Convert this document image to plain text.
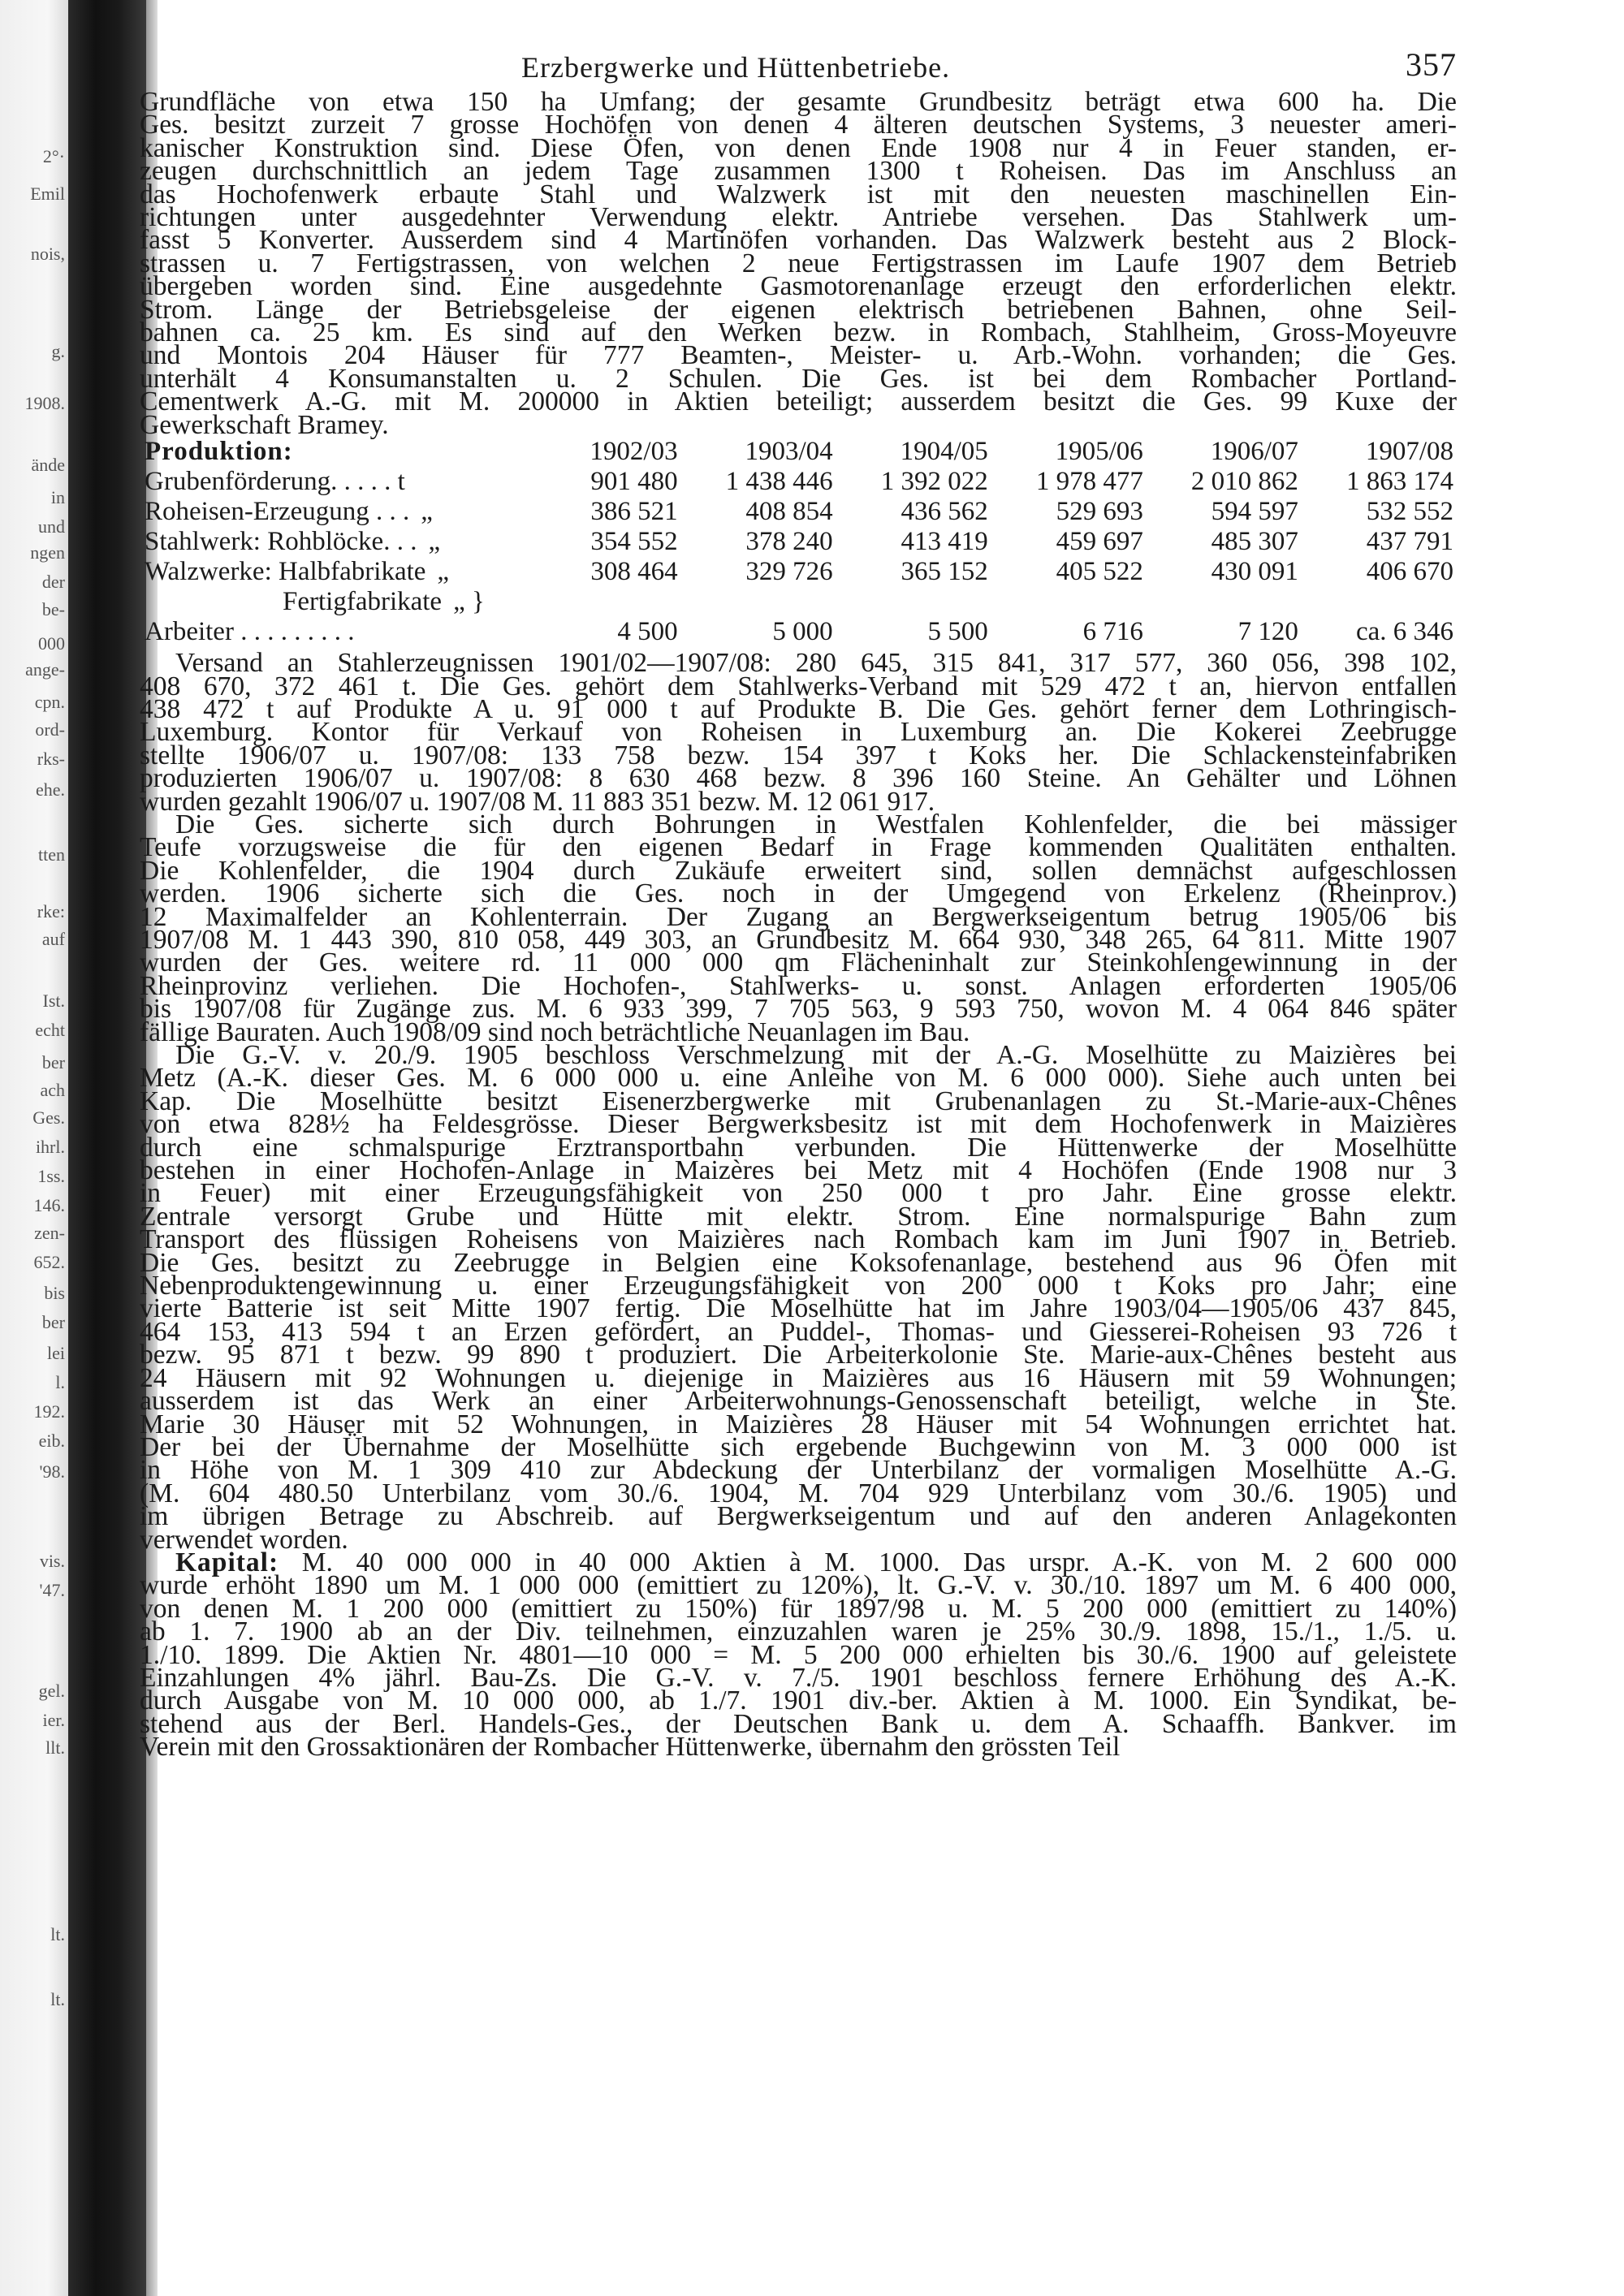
2°·
Emil
nois,
g.
1908.
ände
in
und
ngen
der
be-
000
ange-
cpn.
ord-
rks-
ehe.
tten
rke:
auf
Ist.
echt
ber
ach
Ges.
ihrl.
1ss.
146.
zen-
652.
bis
ber
lei
l.
192.
eib.
'98.
vis.
'47.
gel.
ier.
llt.
lt.
lt.
Erzbergwerke und Hüttenbetriebe.	357
Grundfläche von etwa 150 ha Umfang; der gesamte Grundbesitz beträgt etwa 600 ha. Die
Ges. besitzt zurzeit 7 grosse Hochöfen von denen 4 älteren deutschen Systems, 3 neuester ameri-
kanischer Konstruktion sind. Diese Öfen, von denen Ende 1908 nur 4 in Feuer standen, er-
zeugen durchschnittlich an jedem Tage zusammen 1300 t Roheisen. Das im Anschluss an
das Hochofenwerk erbaute Stahl und Walzwerk ist mit den neuesten maschinellen Ein-
richtungen unter ausgedehnter Verwendung elektr. Antriebe versehen. Das Stahlwerk um-
fasst 5 Konverter. Ausserdem sind 4 Martinöfen vorhanden. Das Walzwerk besteht aus 2 Block-
strassen u. 7 Fertigstrassen, von welchen 2 neue Fertigstrassen im Laufe 1907 dem Betrieb
übergeben worden sind. Eine ausgedehnte Gasmotorenanlage erzeugt den erforderlichen elektr.
Strom. Länge der Betriebsgeleise der eigenen elektrisch betriebenen Bahnen, ohne Seil-
bahnen ca. 25 km. Es sind auf den Werken bezw. in Rombach, Stahlheim, Gross-Moyeuvre
und Montois 204 Häuser für 777 Beamten-, Meister- u. Arb.-Wohn. vorhanden; die Ges.
unterhält 4 Konsumanstalten u. 2 Schulen. Die Ges. ist bei dem Rombacher Portland-
Cementwerk A.-G. mit M. 200000 in Aktien beteiligt; ausserdem besitzt die Ges. 99 Kuxe der
Gewerkschaft Bramey.
Produktion:	1902/03	1903/04	1904/05	1905/06	1906/07	1907/08
Grubenförderung. . . . . t	901 480	1 438 446	1 392 022	1 978 477	2 010 862	1 863 174
Roheisen-Erzeugung . . . „	386 521	408 854	436 562	529 693	594 597	532 552
Stahlwerk: Rohblöcke. . . „	354 552	378 240	413 419	459 697	485 307	437 791
Walzwerke: Halbfabrikate „	308 464	329 726	365 152	405 522	430 091	406 670
Fertigfabrikate „ }						
Arbeiter . . . . . . . . .	4 500	5 000	5 500	6 716	7 120	ca. 6 346
Versand an Stahlerzeugnissen 1901/02—1907/08: 280 645, 315 841, 317 577, 360 056, 398 102,
408 670, 372 461 t. Die Ges. gehört dem Stahlwerks-Verband mit 529 472 t an, hiervon entfallen
438 472 t auf Produkte A u. 91 000 t auf Produkte B. Die Ges. gehört ferner dem Lothringisch-
Luxemburg. Kontor für Verkauf von Roheisen in Luxemburg an. Die Kokerei Zeebrugge
stellte 1906/07 u. 1907/08: 133 758 bezw. 154 397 t Koks her. Die Schlackensteinfabriken
produzierten 1906/07 u. 1907/08: 8 630 468 bezw. 8 396 160 Steine. An Gehälter und Löhnen
wurden gezahlt 1906/07 u. 1907/08 M. 11 883 351 bezw. M. 12 061 917.
Die Ges. sicherte sich durch Bohrungen in Westfalen Kohlenfelder, die bei mässiger
Teufe vorzugsweise die für den eigenen Bedarf in Frage kommenden Qualitäten enthalten.
Die Kohlenfelder, die 1904 durch Zukäufe erweitert sind, sollen demnächst aufgeschlossen
werden. 1906 sicherte sich die Ges. noch in der Umgegend von Erkelenz (Rheinprov.)
12 Maximalfelder an Kohlenterrain. Der Zugang an Bergwerkseigentum betrug 1905/06 bis
1907/08 M. 1 443 390, 810 058, 449 303, an Grundbesitz M. 664 930, 348 265, 64 811. Mitte 1907
wurden der Ges. weitere rd. 11 000 000 qm Flächeninhalt zur Steinkohlengewinnung in der
Rheinprovinz verliehen. Die Hochofen-, Stahlwerks- u. sonst. Anlagen erforderten 1905/06
bis 1907/08 für Zugänge zus. M. 6 933 399, 7 705 563, 9 593 750, wovon M. 4 064 846 später
fällige Bauraten. Auch 1908/09 sind noch beträchtliche Neuanlagen im Bau.
Die G.-V. v. 20./9. 1905 beschloss Verschmelzung mit der A.-G. Moselhütte zu Maizières bei
Metz (A.-K. dieser Ges. M. 6 000 000 u. eine Anleihe von M. 6 000 000). Siehe auch unten bei
Kap. Die Moselhütte besitzt Eisenerzbergwerke mit Grubenanlagen zu St.-Marie-aux-Chênes
von etwa 828½ ha Feldesgrösse. Dieser Bergwerksbesitz ist mit dem Hochofenwerk in Maizières
durch eine schmalspurige Erztransportbahn verbunden. Die Hüttenwerke der Moselhütte
bestehen in einer Hochofen-Anlage in Maizères bei Metz mit 4 Hochöfen (Ende 1908 nur 3
in Feuer) mit einer Erzeugungsfähigkeit von 250 000 t pro Jahr. Eine grosse elektr.
Zentrale versorgt Grube und Hütte mit elektr. Strom. Eine normalspurige Bahn zum
Transport des flüssigen Roheisens von Maizières nach Rombach kam im Juni 1907 in Betrieb.
Die Ges. besitzt zu Zeebrugge in Belgien eine Koksofenanlage, bestehend aus 96 Öfen mit
Nebenproduktengewinnung u. einer Erzeugungsfähigkeit von 200 000 t Koks pro Jahr; eine
vierte Batterie ist seit Mitte 1907 fertig. Die Moselhütte hat im Jahre 1903/04—1905/06 437 845,
464 153, 413 594 t an Erzen gefördert, an Puddel-, Thomas- und Giesserei-Roheisen 93 726 t
bezw. 95 871 t bezw. 99 890 t produziert. Die Arbeiterkolonie Ste. Marie-aux-Chênes besteht aus
24 Häusern mit 92 Wohnungen u. diejenige in Maizières aus 16 Häusern mit 59 Wohnungen;
ausserdem ist das Werk an einer Arbeiterwohnungs-Genossenschaft beteiligt, welche in Ste.
Marie 30 Häuser mit 52 Wohnungen, in Maizières 28 Häuser mit 54 Wohnungen errichtet hat.
Der bei der Übernahme der Moselhütte sich ergebende Buchgewinn von M. 3 000 000 ist
in Höhe von M. 1 309 410 zur Abdeckung der Unterbilanz der vormaligen Moselhütte A.-G.
(M. 604 480.50 Unterbilanz vom 30./6. 1904, M. 704 929 Unterbilanz vom 30./6. 1905) und
im übrigen Betrage zu Abschreib. auf Bergwerkseigentum und auf den anderen Anlagekonten
verwendet worden.
Kapital: M. 40 000 000 in 40 000 Aktien à M. 1000. Das urspr. A.-K. von M. 2 600 000
wurde erhöht 1890 um M. 1 000 000 (emittiert zu 120%), lt. G.-V. v. 30./10. 1897 um M. 6 400 000,
von denen M. 1 200 000 (emittiert zu 150%) für 1897/98 u. M. 5 200 000 (emittiert zu 140%)
ab 1. 7. 1900 ab an der Div. teilnehmen, einzuzahlen waren je 25% 30./9. 1898, 15./1., 1./5. u.
1./10. 1899. Die Aktien Nr. 4801—10 000 = M. 5 200 000 erhielten bis 30./6. 1900 auf geleistete
Einzahlungen 4% jährl. Bau-Zs. Die G.-V. v. 7./5. 1901 beschloss fernere Erhöhung des A.-K.
durch Ausgabe von M. 10 000 000, ab 1./7. 1901 div.-ber. Aktien à M. 1000. Ein Syndikat, be-
stehend aus der Berl. Handels-Ges., der Deutschen Bank u. dem A. Schaaffh. Bankver. im
Verein mit den Grossaktionären der Rombacher Hüttenwerke, übernahm den grössten Teil
